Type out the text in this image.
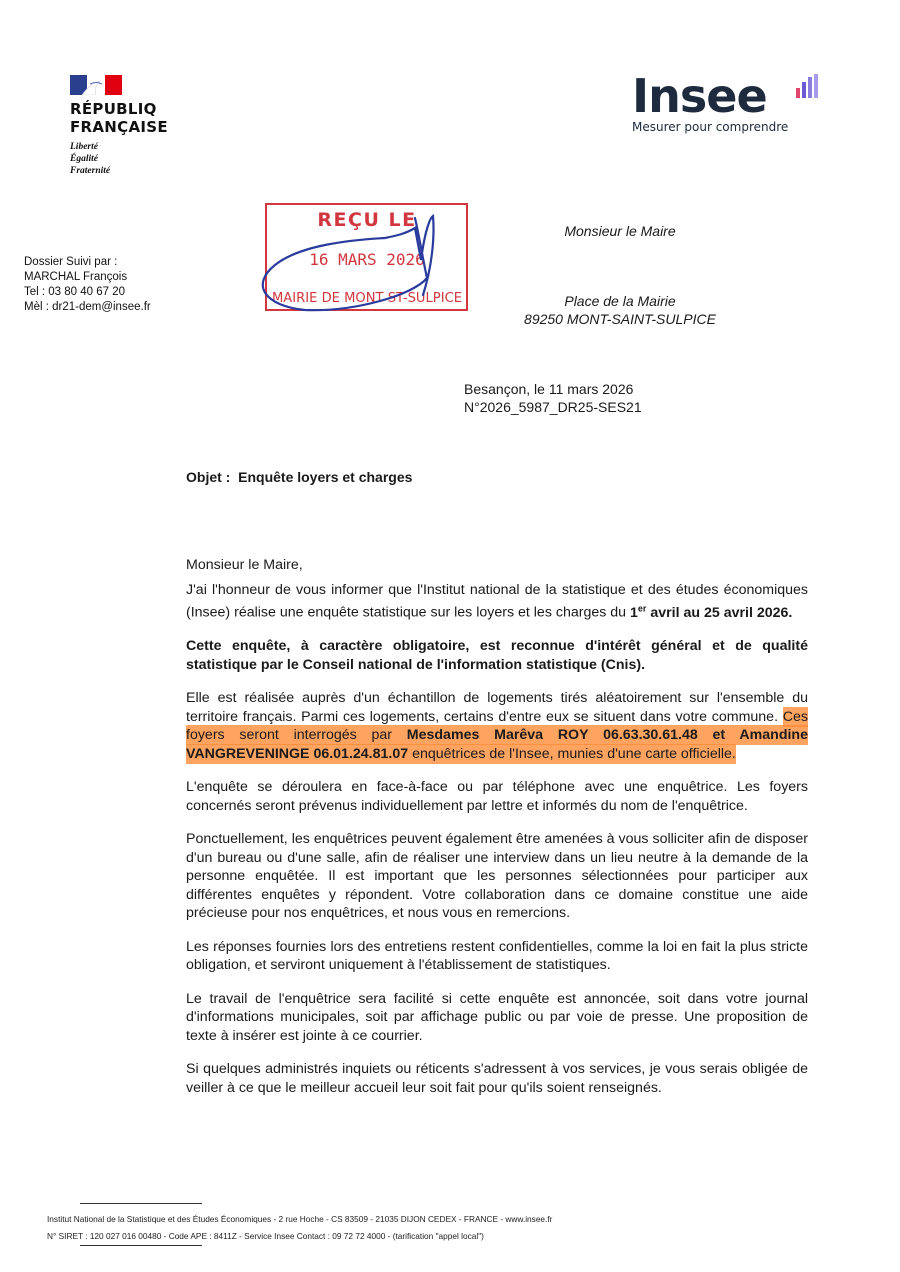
RÉPUBLIQ
FRANÇAISE
Liberté
Égalité
Fraternité
Insee
Mesurer pour comprendre
Dossier Suivi par :
MARCHAL François
Tel : 03 80 40 67 20
Mèl : dr21-dem@insee.fr
REÇU LE
16 MARS 2026
MAIRIE DE MONT ST-SULPICE
Monsieur le Maire
Place de la Mairie
89250 MONT-SAINT-SULPICE
Besançon, le 11 mars 2026
N°2026_5987_DR25-SES21
Objet : Enquête loyers et charges

Monsieur le Maire,

J'ai l'honneur de vous informer que l'Institut national de la statistique et des études économiques (Insee) réalise une enquête statistique sur les loyers et les charges du 1er avril au 25 avril 2026.

Cette enquête, à caractère obligatoire, est reconnue d'intérêt général et de qualité statistique par le Conseil national de l'information statistique (Cnis).

Elle est réalisée auprès d'un échantillon de logements tirés aléatoirement sur l'ensemble du territoire français. Parmi ces logements, certains d'entre eux se situent dans votre commune. Ces foyers seront interrogés par Mesdames Marêva ROY 06.63.30.61.48 et Amandine VANGREVENINGE 06.01.24.81.07 enquêtrices de l'Insee, munies d'une carte officielle.

L'enquête se déroulera en face-à-face ou par téléphone avec une enquêtrice. Les foyers concernés seront prévenus individuellement par lettre et informés du nom de l'enquêtrice.

Ponctuellement, les enquêtrices peuvent également être amenées à vous solliciter afin de disposer d'un bureau ou d'une salle, afin de réaliser une interview dans un lieu neutre à la demande de la personne enquêtée. Il est important que les personnes sélectionnées pour participer aux différentes enquêtes y répondent. Votre collaboration dans ce domaine constitue une aide précieuse pour nos enquêtrices, et nous vous en remercions.

Les réponses fournies lors des entretiens restent confidentielles, comme la loi en fait la plus stricte obligation, et serviront uniquement à l'établissement de statistiques.

Le travail de l'enquêtrice sera facilité si cette enquête est annoncée, soit dans votre journal d'informations municipales, soit par affichage public ou par voie de presse. Une proposition de texte à insérer est jointe à ce courrier.

Si quelques administrés inquiets ou réticents s'adressent à vos services, je vous serais obligée de veiller à ce que le meilleur accueil leur soit fait pour qu'ils soient renseignés.

Institut National de la Statistique et des Études Économiques - 2 rue Hoche - CS 83509 - 21035 DIJON CEDEX - FRANCE - www.insee.fr
N° SIRET : 120 027 016 00480 - Code APE : 8411Z - Service Insee Contact : 09 72 72 4000 - (tarification "appel local")
